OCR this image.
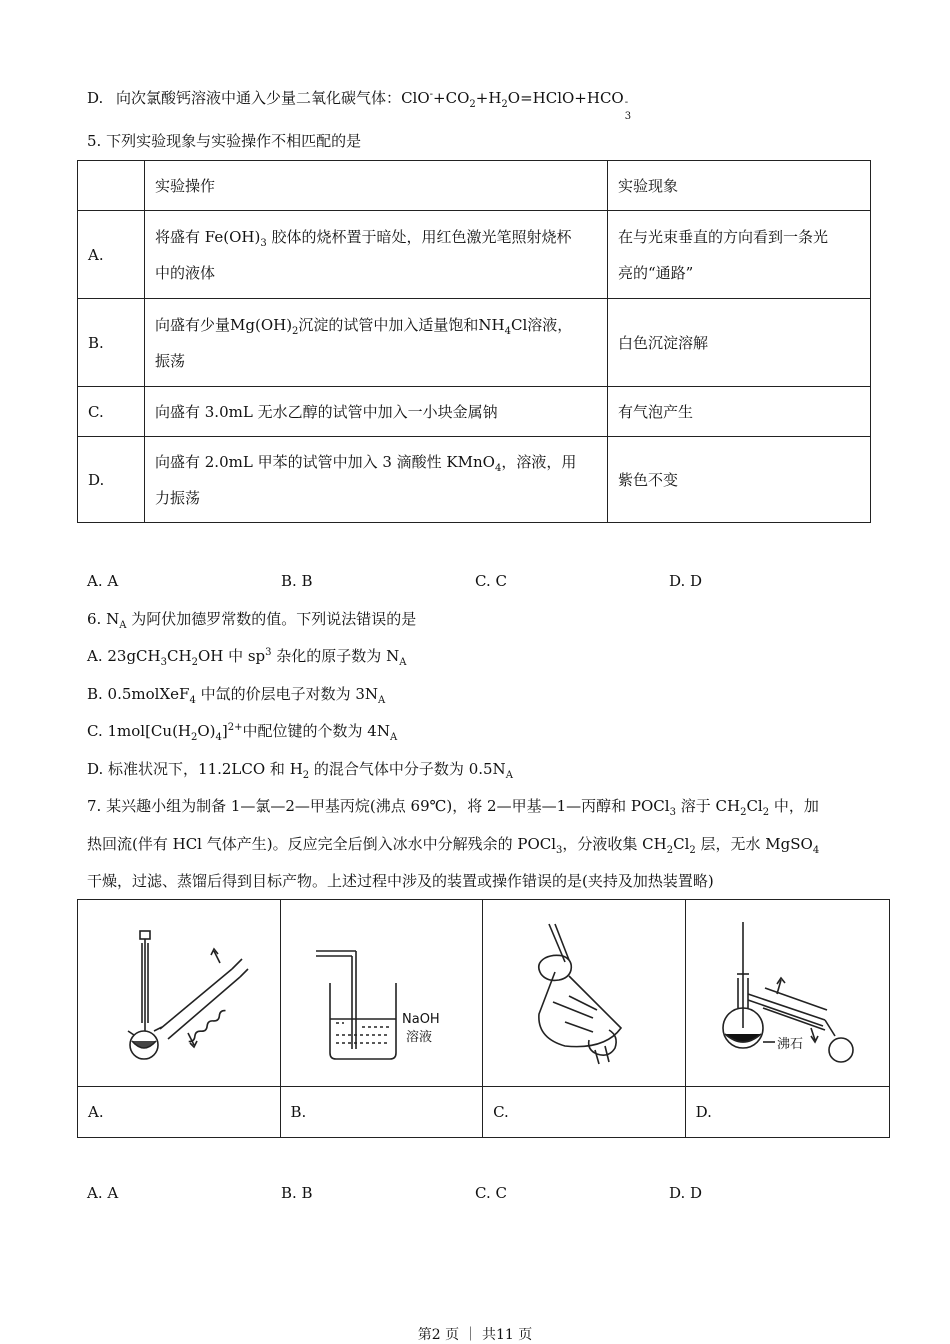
D. 向次氯酸钙溶液中通入少量二氧化碳气体：$ClO^-+CO_2+H_2O=HClO+HCO$ -
3
5. 下列实验现象与实验操作不相匹配的是
	实验操作	实验现象
A.	将盛有 $Fe(OH)_3$ 胶体的烧杯置于暗处，用红色激光笔照射烧杯
中的液体	在与光束垂直的方向看到一条光
亮的“通路”
B.	向盛有少量$Mg(OH)_2$沉淀的试管中加入适量饱和$NH_4Cl$溶液，
振荡	白色沉淀溶解
C.	向盛有 3.0mL 无水乙醇的试管中加入一小块金属钠	有气泡产生
D.	向盛有 2.0mL 甲苯的试管中加入 3 滴酸性 KMnO$_4$，溶液，用
力振荡	紫色不变
A. A	B. B	C. C	D. D
6. $N_A$ 为阿伏加德罗常数的值。下列说法错误的是
A. $23gCH_3CH_2OH$ 中 $sp^3$ 杂化的原子数为 $N_A$
B. 0.5molXeF$_4$ 中氙的价层电子对数为 $3N_A$
C. $1mol[Cu(H_2O)_4]^{2+}$中配位键的个数为 $4N_A$
D. 标准状况下，11.2LCO 和 $H_2$ 的混合气体中分子数为 $0.5N_A$
7. 某兴趣小组为制备 1—氯—2—甲基丙烷(沸点 69℃)，将 2—甲基—1—丙醇和 POCl$_3$ 溶于 $CH_2Cl_2$ 中，加
热回流(伴有 HCl 气体产生)。反应完全后倒入冰水中分解残余的 POCl$_3$，分液收集 $CH_2Cl_2$ 层，无水 MgSO$_4$
干燥，过滤、蒸馏后得到目标产物。上述过程中涉及的装置或操作错误的是(夹持及加热装置略)

NaOH
溶液		沸石

A.	B.	C.	D.
A. A	B. B	C. C	D. D
第2 页 ｜ 共11 页
